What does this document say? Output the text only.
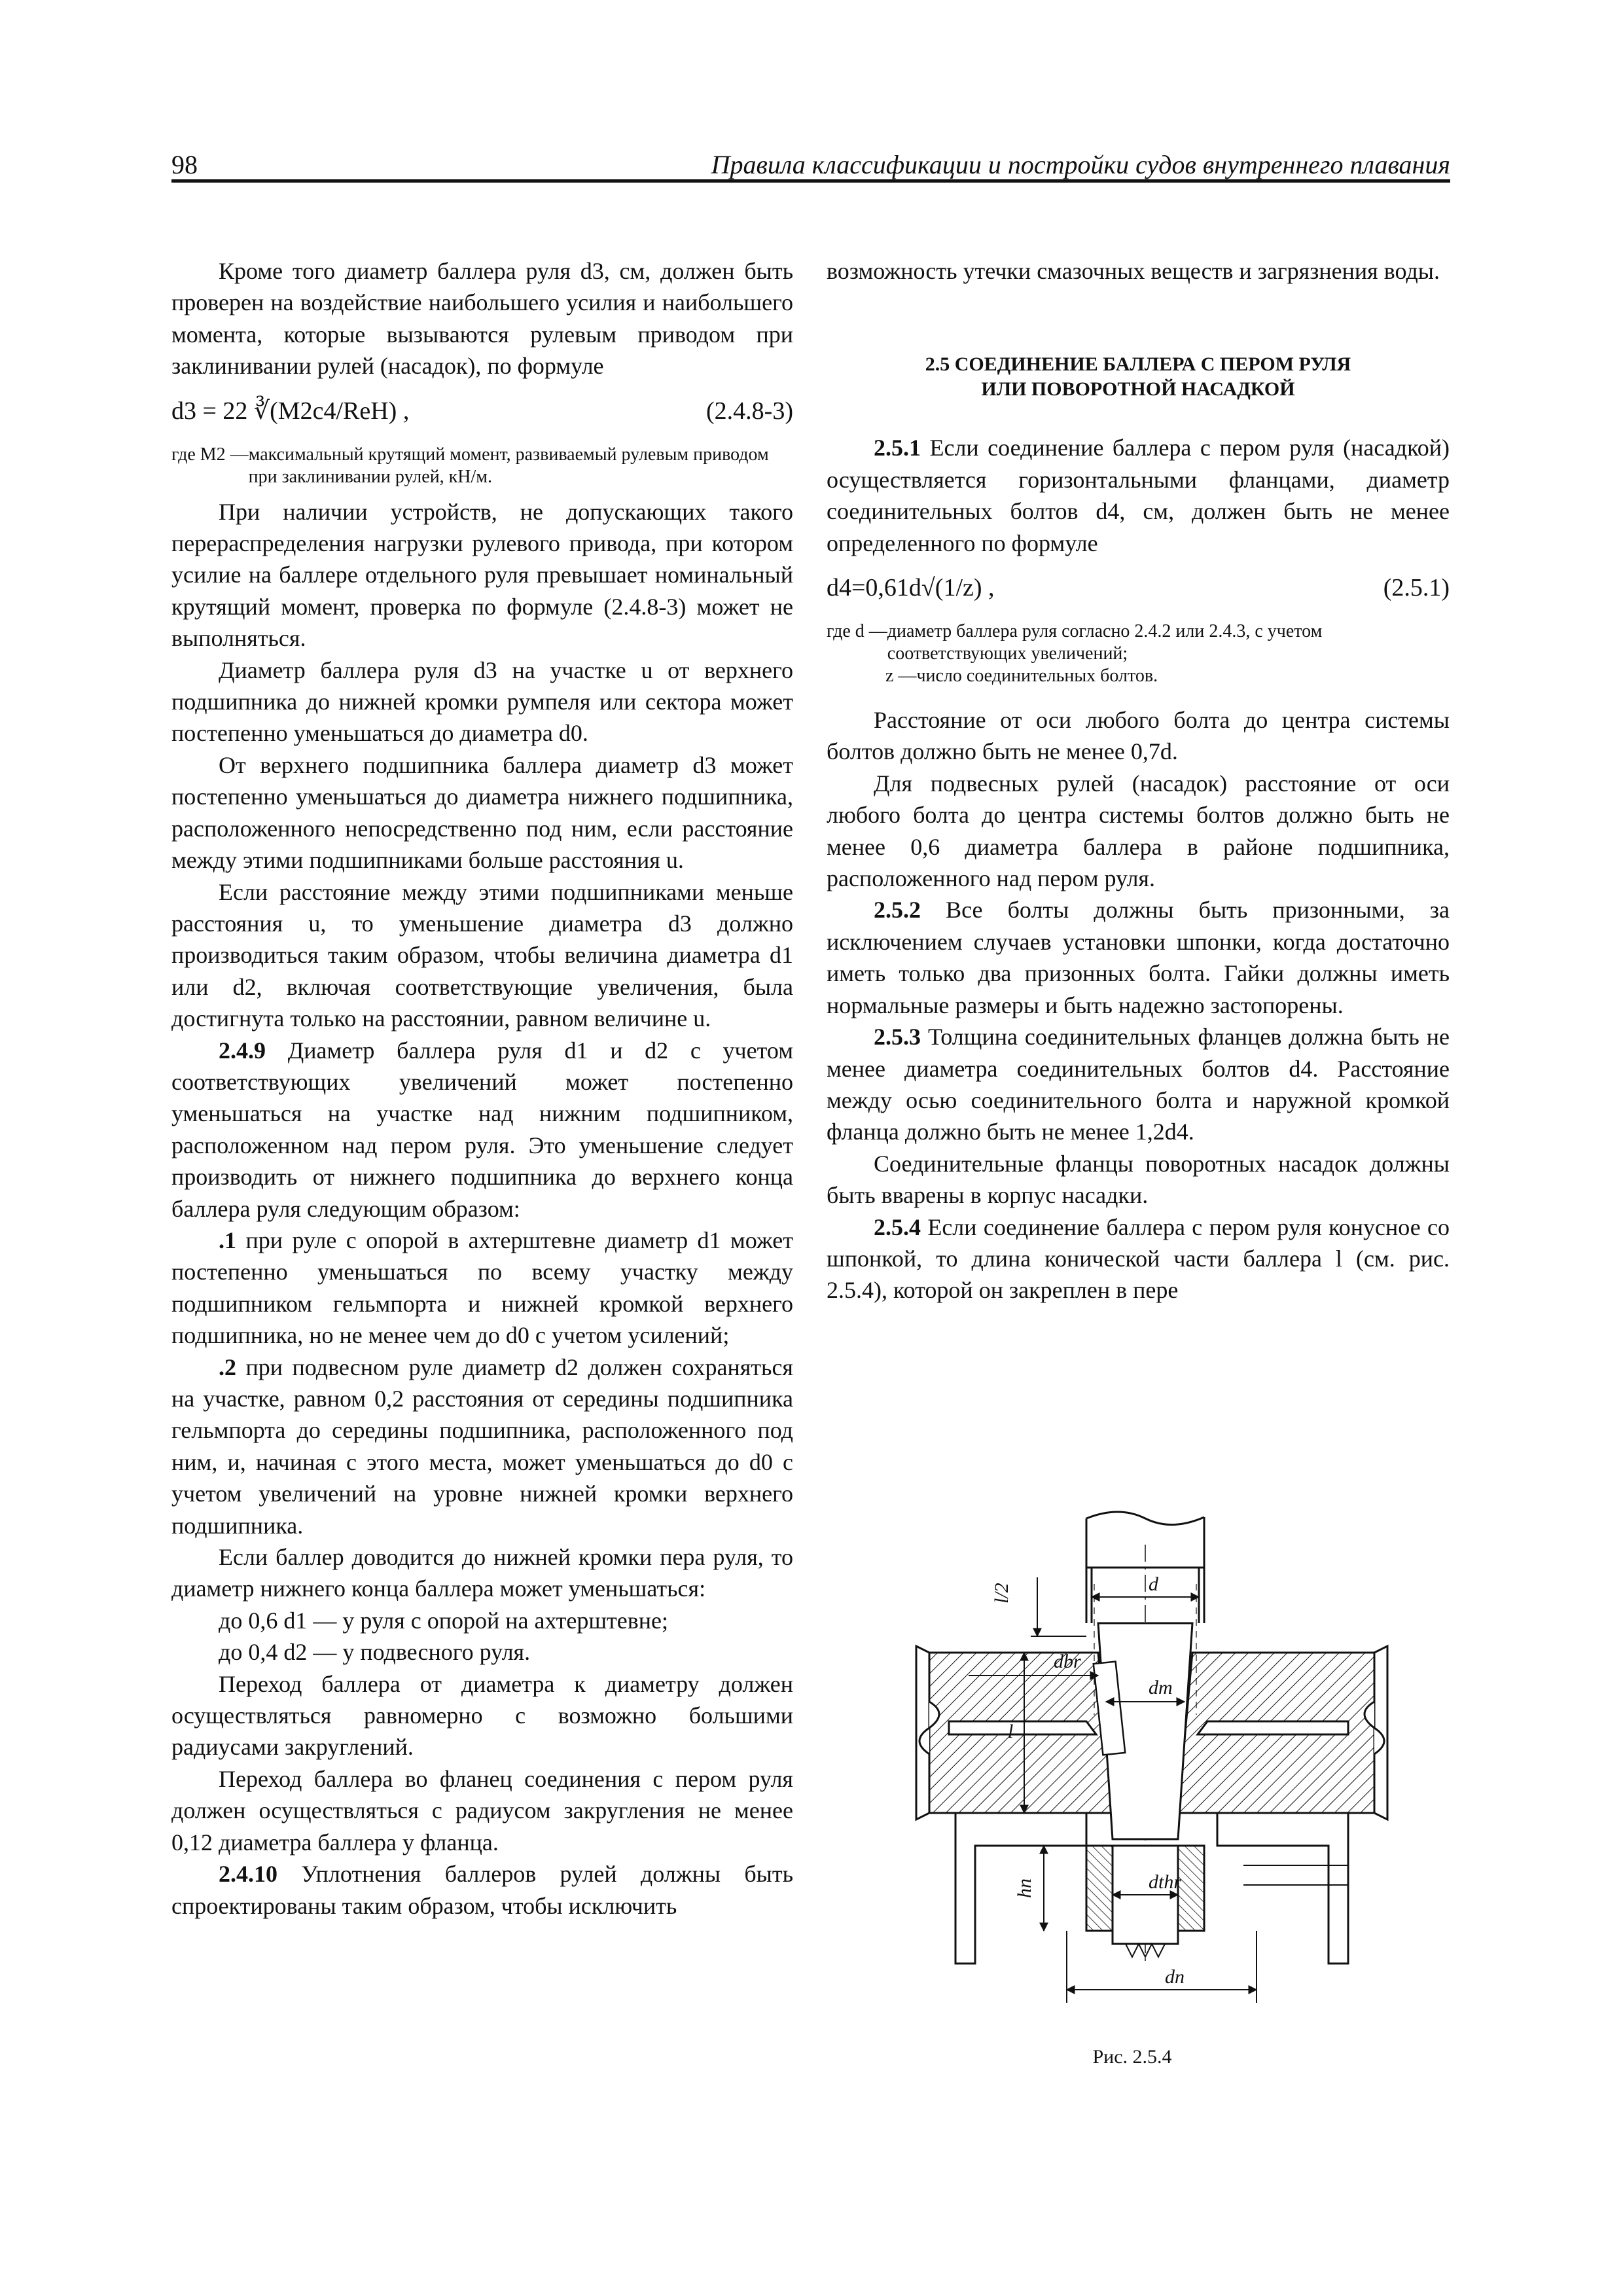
98	Правила классификации и постройки судов внутреннего плавания

Кроме того диаметр баллера руля d3, см, должен быть проверен на воздействие наибольшего усилия и наибольшего момента, которые вызываются рулевым приводом при заклинивании рулей (насадок), по формуле

d3 = 22 ∛(M2c4/ReH) ,	(2.4.8-3)
где M2 — максимальный крутящий момент, развиваемый рулевым приводом при заклинивании рулей, кН/м.

При наличии устройств, не допускающих такого перераспределения нагрузки рулевого привода, при котором усилие на баллере отдельного руля превышает номинальный крутящий момент, проверка по формуле (2.4.8-3) может не выполняться.

Диаметр баллера руля d3 на участке u от верхнего подшипника до нижней кромки румпеля или сектора может постепенно уменьшаться до диаметра d0.

От верхнего подшипника баллера диаметр d3 может постепенно уменьшаться до диаметра нижнего подшипника, расположенного непосредственно под ним, если расстояние между этими подшипниками больше расстояния u.

Если расстояние между этими подшипниками меньше расстояния u, то уменьшение диаметра d3 должно производиться таким образом, чтобы величина диаметра d1 или d2, включая соответствующие увеличения, была достигнута только на расстоянии, равном величине u.

2.4.9 Диаметр баллера руля d1 и d2 с учетом соответствующих увеличений может постепенно уменьшаться на участке над нижним подшипником, расположенном над пером руля. Это уменьшение следует производить от нижнего подшипника до верхнего конца баллера руля следующим образом:

.1 при руле с опорой в ахтерштевне диаметр d1 может постепенно уменьшаться по всему участку между подшипником гельмпорта и нижней кромкой верхнего подшипника, но не менее чем до d0 с учетом усилений;

.2 при подвесном руле диаметр d2 должен сохраняться на участке, равном 0,2 расстояния от середины подшипника гельмпорта до середины подшипника, расположенного под ним, и, начиная с этого места, может уменьшаться до d0 с учетом увеличений на уровне нижней кромки верхнего подшипника.

Если баллер доводится до нижней кромки пера руля, то диаметр нижнего конца баллера может уменьшаться:

до 0,6 d1 — у руля с опорой на ахтерштевне;

до 0,4 d2 — у подвесного руля.

Переход баллера от диаметра к диаметру должен осуществляться равномерно с возможно большими радиусами закруглений.

Переход баллера во фланец соединения с пером руля должен осуществляться с радиусом закругления не менее 0,12 диаметра баллера у фланца.

2.4.10 Уплотнения баллеров рулей должны быть спроектированы таким образом, чтобы исключить

возможность утечки смазочных веществ и загрязнения воды.

2.5 СОЕДИНЕНИЕ БАЛЛЕРА С ПЕРОМ РУЛЯ
ИЛИ ПОВОРОТНОЙ НАСАДКОЙ

2.5.1 Если соединение баллера с пером руля (насадкой) осуществляется горизонтальными фланцами, диаметр соединительных болтов d4, см, должен быть не менее определенного по формуле

d4=0,61d√(1/z) ,	(2.5.1)
где d — диаметр баллера руля согласно 2.4.2 или 2.4.3, с учетом соответствующих увеличений;
z — число соединительных болтов.

Расстояние от оси любого болта до центра системы болтов должно быть не менее 0,7d.

Для подвесных рулей (насадок) расстояние от оси любого болта до центра системы болтов должно быть не менее 0,6 диаметра баллера в районе подшипника, расположенного над пером руля.

2.5.2 Все болты должны быть призонными, за исключением случаев установки шпонки, когда достаточно иметь только два призонных болта. Гайки должны иметь нормальные размеры и быть надежно застопорены.

2.5.3 Толщина соединительных фланцев должна быть не менее диаметра соединительных болтов d4. Расстояние между осью соединительного болта и наружной кромкой фланца должно быть не менее 1,2d4.

Соединительные фланцы поворотных насадок должны быть вварены в корпус насадки.

2.5.4 Если соединение баллера с пером руля конусное со шпонкой, то длина конической части баллера l (см. рис. 2.5.4), которой он закреплен в пере

l/2
l
d
dbr
dm
hn	dthr
dn
Рис. 2.5.4
